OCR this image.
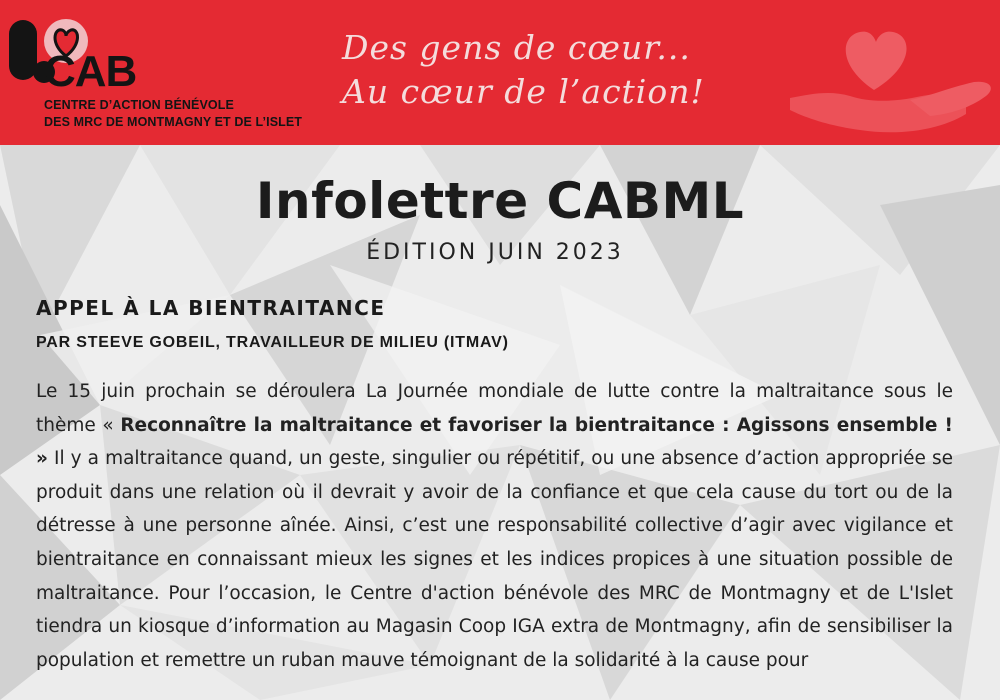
CAB
CENTRE D’ACTION BÉNÉVOLE
DES MRC DE MONTMAGNY ET DE L’ISLET
Des gens de cœur...
Au cœur de l’action!
Infolettre CABML
ÉDITION JUIN 2023
APPEL À LA BIENTRAITANCE
PAR STEEVE GOBEIL, TRAVAILLEUR DE MILIEU (ITMAV)
Le 15 juin prochain se déroulera La Journée mondiale de lutte contre la maltraitance sous le thème « Reconnaître la maltraitance et favoriser la bientraitance : Agissons ensemble ! » Il y a maltraitance quand, un geste, singulier ou répétitif, ou une absence d’action appropriée se produit dans une relation où il devrait y avoir de la confiance et que cela cause du tort ou de la détresse à une personne aînée. Ainsi, c’est une responsabilité collective d’agir avec vigilance et bientraitance en connaissant mieux les signes et les indices propices à une situation possible de maltraitance. Pour l’occasion, le Centre d'action bénévole des MRC de Montmagny et de L'Islet tiendra un kiosque d’information au Magasin Coop IGA extra de Montmagny, afin de sensibiliser la population et remettre un ruban mauve témoignant de la solidarité à la cause pour
